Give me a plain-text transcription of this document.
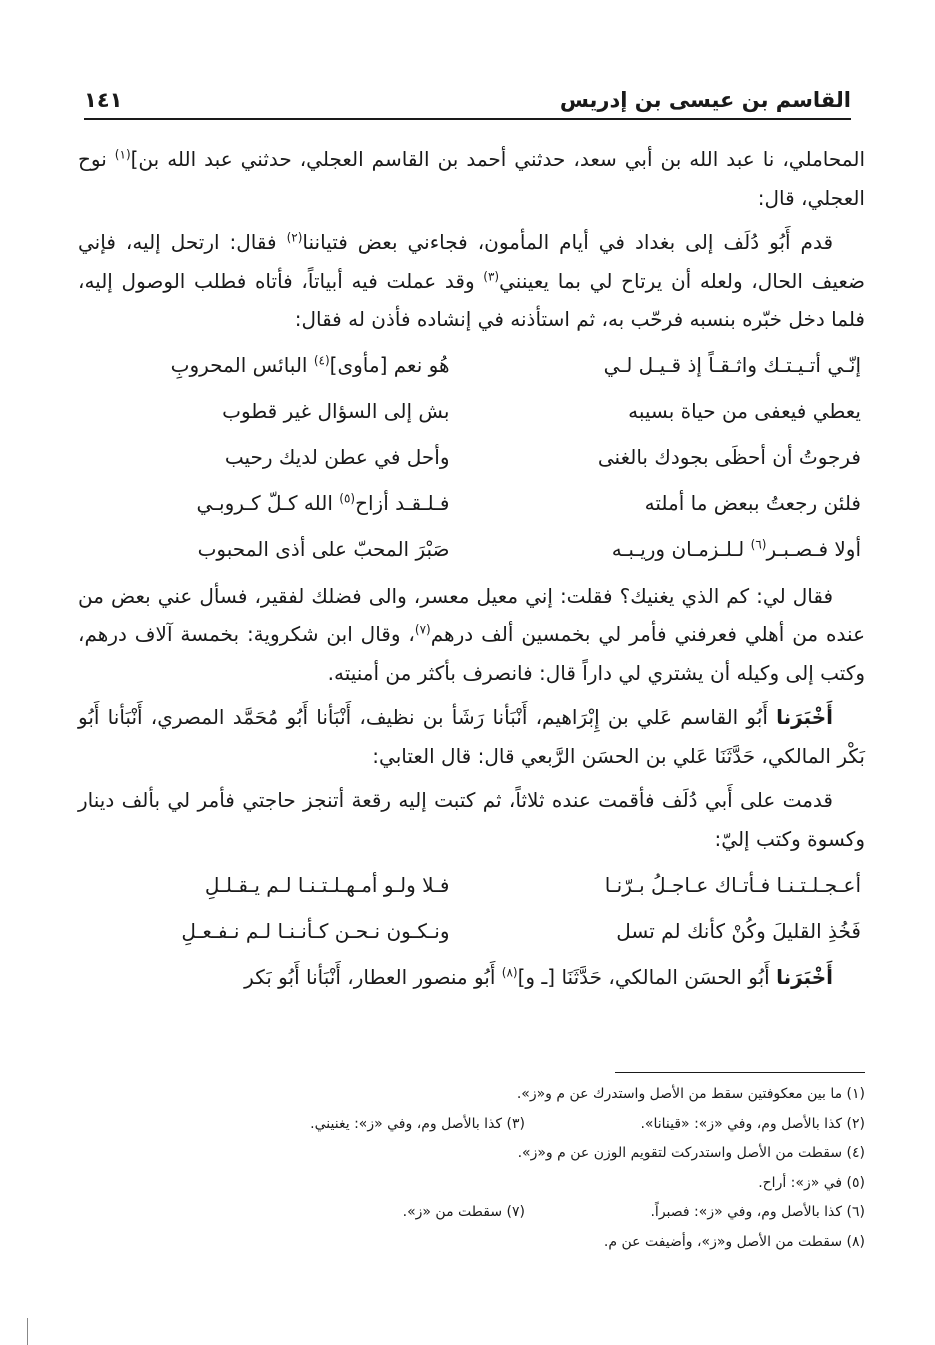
القاسم بن عيسى بن إدريس
١٤١

المحاملي، نا عبد الله بن أبي سعد، حدثني أحمد بن القاسم العجلي، حدثني عبد الله بن]$^{(١)}$ نوح العجلي، قال:

قدم أَبُو دُلَف إلى بغداد في أيام المأمون، فجاءني بعض فتياننا$^{(٢)}$ فقال: ارتحل إليه، فإني ضعيف الحال، ولعله أن يرتاح لي بما يعينني$^{(٣)}$ وقد عملت فيه أبياتاً، فأتاه فطلب الوصول إليه، فلما دخل خبّره بنسبه فرحّب به، ثم استأذنه في إنشاده فأذن له فقال:

إنّـي أتـيـتـك واثـقـاً إذ قـيـل لـي
هُو نعم [مأوى]$^{(٤)}$ البائس المحروبِ
يعطي فيعفى من حياة بسيبه
بش إلى السؤال غير قطوب
فرجوتُ أن أحظَى بجودك بالغنى
وأحل في عطن لديك رحيب
فلئن رجعتُ ببعض ما أملته
فـلـقـد أزاح$^{(٥)}$ الله كـلّ كـروبـي
أولا فـصـبـر$^{(٦)}$ لـلـزمـان وريـبـه
صَبْرَ المحبّ على أذى المحبوب

فقال لي: كم الذي يغنيك؟ فقلت: إني معيل معسر، والى فضلك لفقير، فسأل عني بعض من عنده من أهلي فعرفني فأمر لي بخمسين ألف درهم$^{(٧)}$، وقال ابن شكروية: بخمسة آلاف درهم، وكتب إلى وكيله أن يشتري لي داراً قال: فانصرف بأكثر من أمنيته.

أَخْبَرَنا أَبُو القاسم عَلي بن إِبْرَاهيم، أَنْبَأنا رَشَأ بن نظيف، أَنْبَأنا أَبُو مُحَمَّد المصري، أَنْبَأنا أَبُو بَكْر المالكي، حَدَّثَنَا عَلي بن الحسَن الرَّبعي قال: قال العتابي:

قدمت على أَبي دُلَف فأقمت عنده ثلاثاً، ثم كتبت إليه رقعة أتنجز حاجتي فأمر لي بألف دينار وكسوة وكتب إليّ:

أعـجـلـتـنـا فـأتـاك عـاجـلُ بـرّنـا
فـلا ولـو أمـهـلـتـنـا لـم يـقـلـلِ
فَخُذِ القليلَ وكُنْ كأنك لم تسل
ونـكـون نـحـن كـأنـنـا لـم نـفـعـلِ

أَخْبَرَنا أَبُو الحسَن المالكي، حَدَّثَنَا [ـ و]$^{(٨)}$ أَبُو منصور العطار، أَنْبَأنا أَبُو بَكر

(١) ما بين معكوفتين سقط من الأصل واستدرك عن م و«ز».
(٢) كذا بالأصل وم، وفي «ز»: «قينانا».
(٣) كذا بالأصل وم، وفي «ز»: يغنيني.
(٤) سقطت من الأصل واستدركت لتقويم الوزن عن م و«ز».
(٥) في «ز»: أراح.
(٦) كذا بالأصل وم، وفي «ز»: فصبراً.
(٧) سقطت من «ز».
(٨) سقطت من الأصل و«ز»، وأضيفت عن م.
